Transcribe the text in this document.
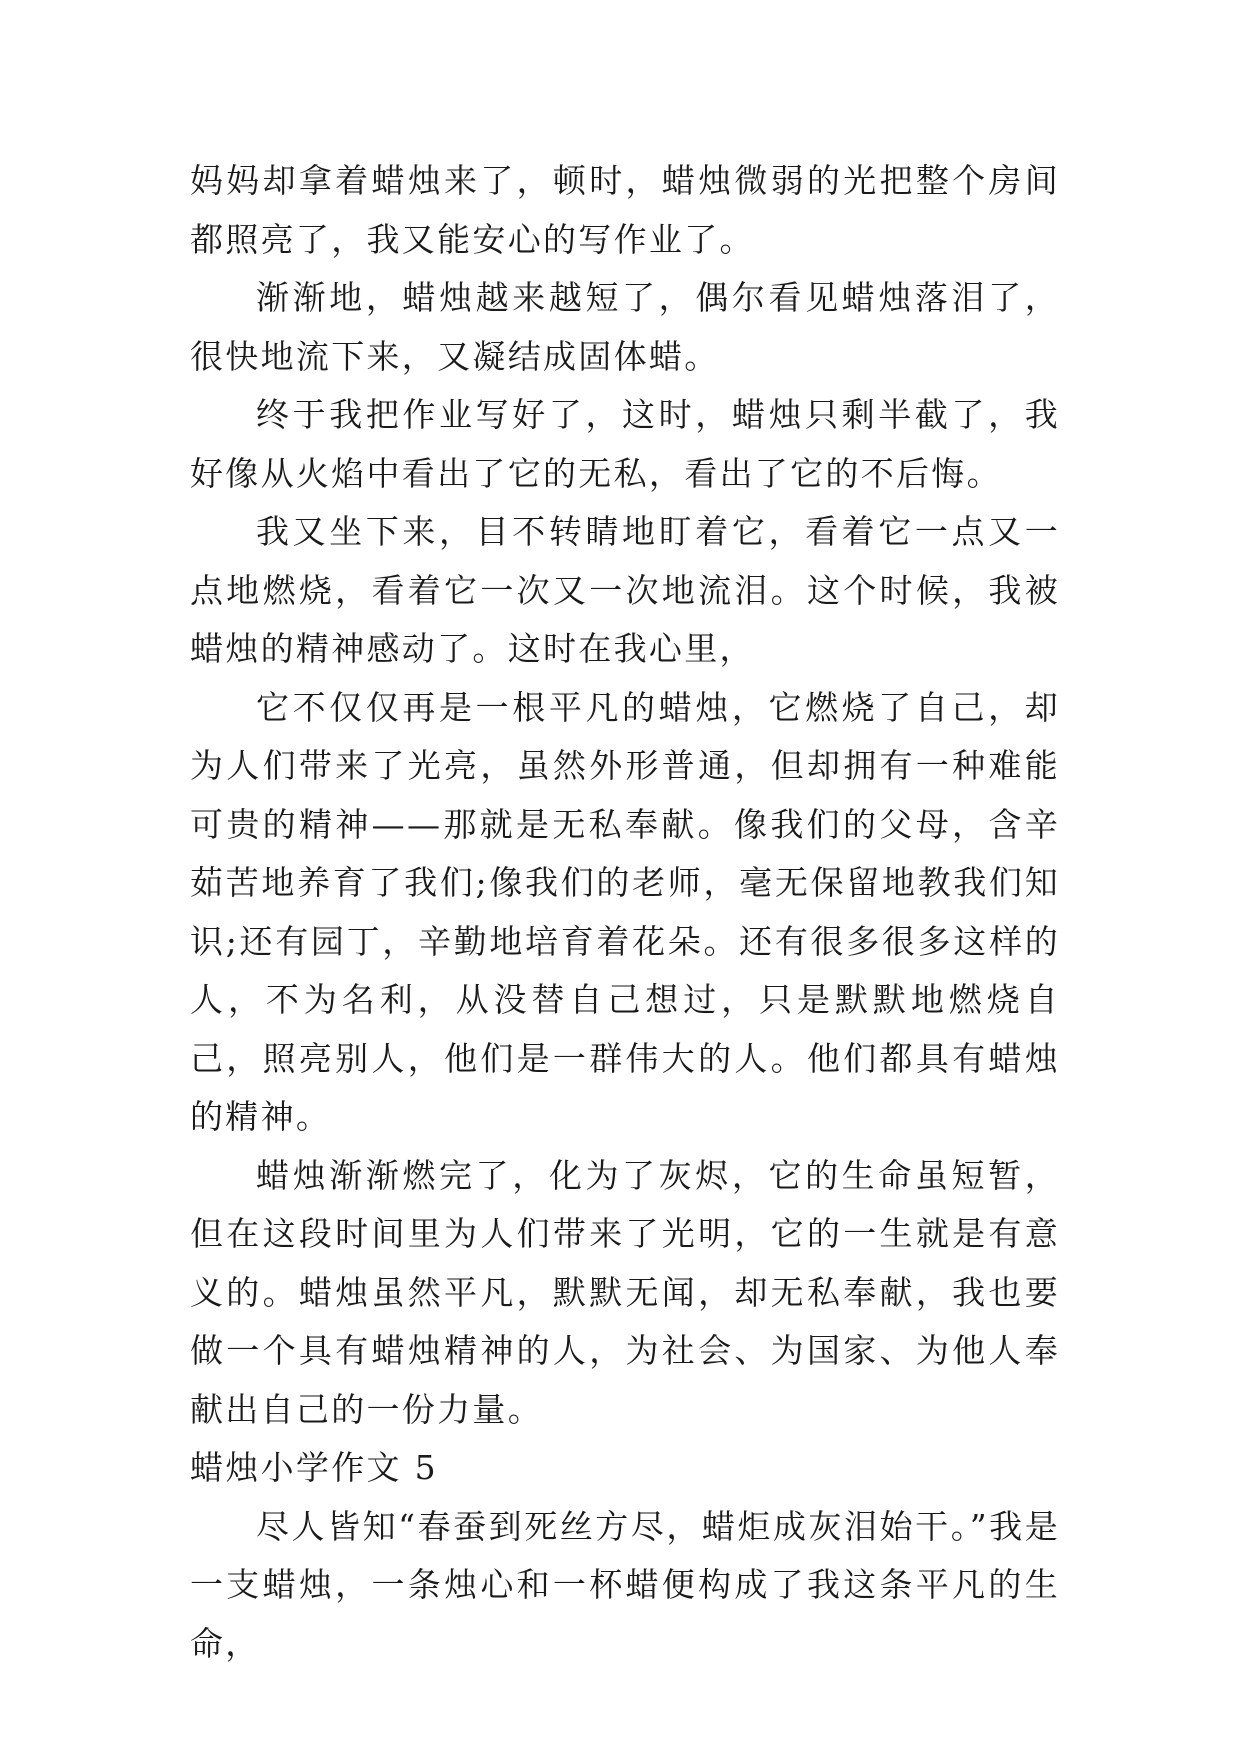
妈妈却拿着蜡烛来了，顿时，蜡烛微弱的光把整个房间都照亮了，我又能安心的写作业了。

渐渐地，蜡烛越来越短了，偶尔看见蜡烛落泪了，很快地流下来，又凝结成固体蜡。

终于我把作业写好了，这时，蜡烛只剩半截了，我好像从火焰中看出了它的无私，看出了它的不后悔。

我又坐下来，目不转睛地盯着它，看着它一点又一点地燃烧，看着它一次又一次地流泪。这个时候，我被蜡烛的精神感动了。这时在我心里，

它不仅仅再是一根平凡的蜡烛，它燃烧了自己，却为人们带来了光亮，虽然外形普通，但却拥有一种难能可贵的精神——那就是无私奉献。像我们的父母，含辛茹苦地养育了我们;像我们的老师，毫无保留地教我们知识;还有园丁，辛勤地培育着花朵。还有很多很多这样的人，不为名利，从没替自己想过，只是默默地燃烧自己，照亮别人，他们是一群伟大的人。他们都具有蜡烛的精神。

蜡烛渐渐燃完了，化为了灰烬，它的生命虽短暂，但在这段时间里为人们带来了光明，它的一生就是有意义的。蜡烛虽然平凡，默默无闻，却无私奉献，我也要做一个具有蜡烛精神的人，为社会、为国家、为他人奉献出自己的一份力量。

蜡烛小学作文 5

尽人皆知“春蚕到死丝方尽，蜡炬成灰泪始干。”我是一支蜡烛，一条烛心和一杯蜡便构成了我这条平凡的生命，
